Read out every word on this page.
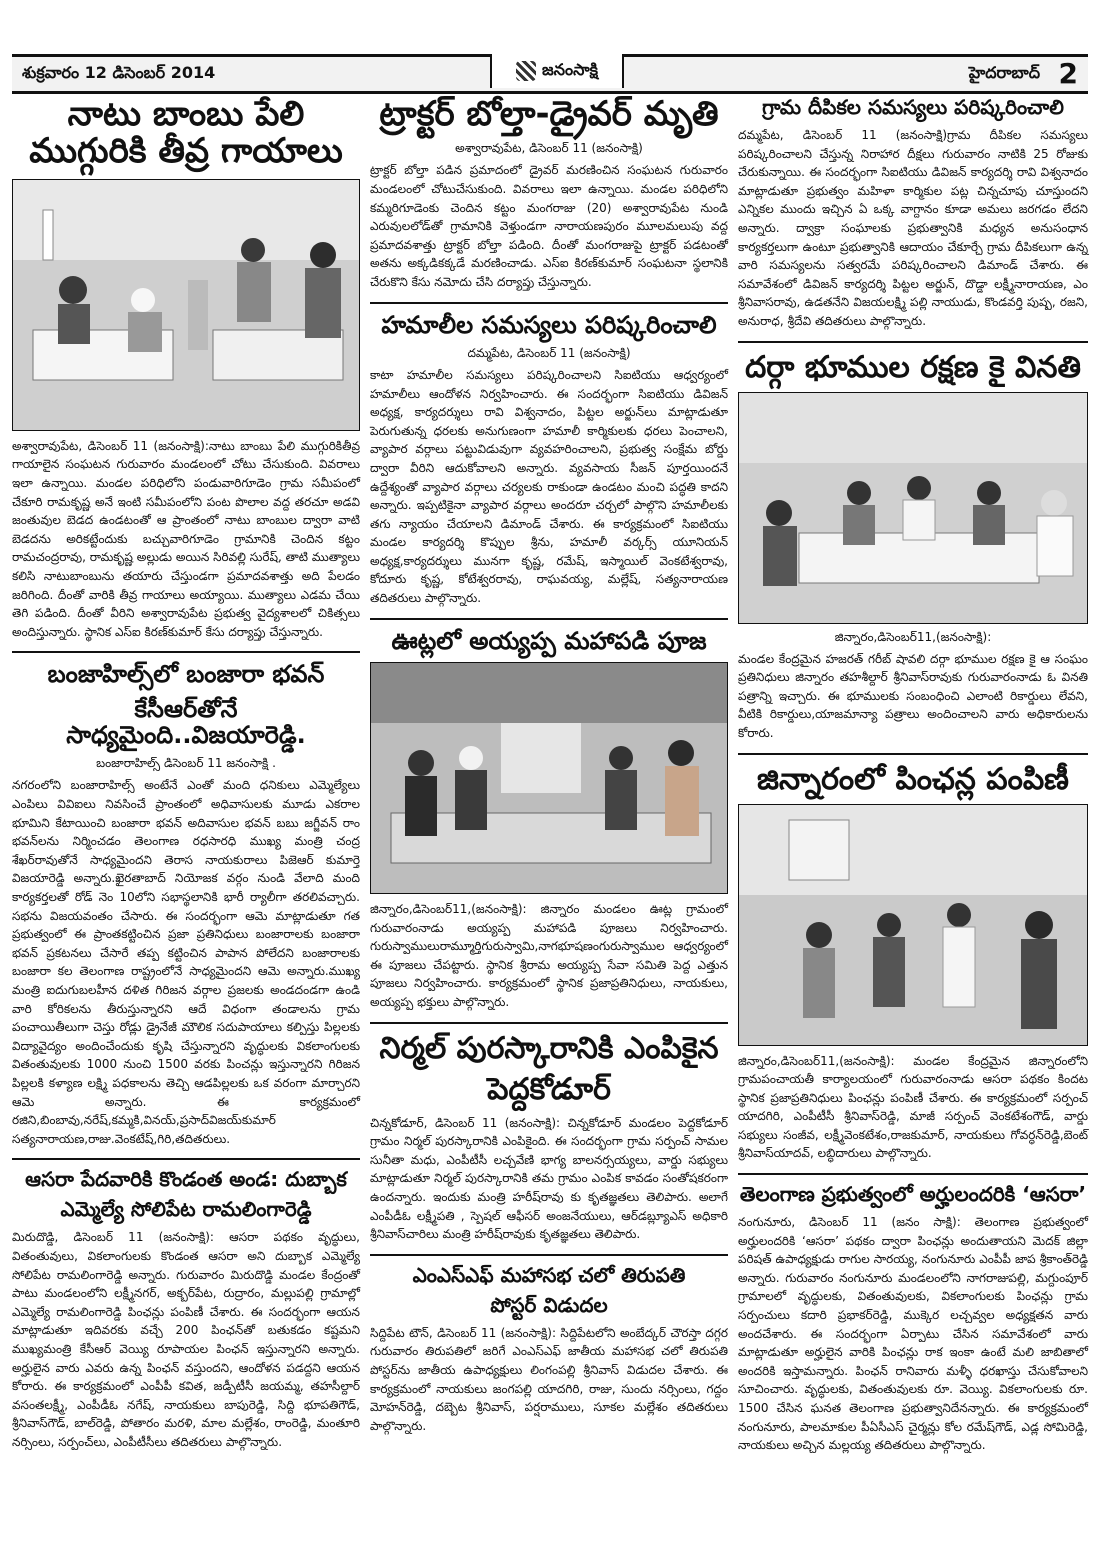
శుక్రవారం 12 డిసెంబర్ 2014	హైదరాబాద్ 2
జనంసాక్షి
నాటు బాంబు పేలి ముగ్గురికి తీవ్ర గాయాలు
అశ్వారావుపేట, డిసెంబర్ 11 (జనంసాక్షి):నాటు బాంబు పేలి ముగ్గురికితీవ్ర గాయాలైన సంఘటన గురువారం మండలంలో చోటు చేసుకుంది. వివరాలు ఇలా ఉన్నాయి. మండల పరిధిలోని పండువారిగూడెం గ్రామ సమీపంలో చేకూరి రామకృష్ణ అనే ఇంటి సమీపంలోని పంట పొలాల వద్ద తరచూ అడవి జంతువుల బెడద ఉండటంతో ఆ ప్రాంతంలో నాటు బాంబుల ద్వారా వాటి బెడదను అరికట్టేందుకు బచ్చువారిగూడెం గ్రామానికి చెందిన కట్టం రామచంద్రరావు, రామకృష్ణ అల్లుడు అయిన సిరివల్లి సురేష్, తాటి ముత్యాలు కలిసి నాటుబాంబును తయారు చేస్తుండగా ప్రమాదవశాత్తు అది పేలడం జరిగింది. దీంతో వారికి తీవ్ర గాయాలు అయ్యాయి. ముత్యాలు ఎడమ చేయి తెగి పడింది. దీంతో వీరిని అశ్వారావుపేట ప్రభుత్వ వైద్యశాలలో చికిత్సలు అందిస్తున్నారు. స్థానిక ఎస్ఐ కిరణ్‌కుమార్ కేసు దర్యాప్తు చేస్తున్నారు.
బంజాహిల్స్‌లో బంజారా భవన్
కేసీఆర్‌తోనే సాధ్యమైంది..విజయారెడ్డి.
బంజారాహిల్స్ డిసెంబర్ 11 జనంసాక్షి .
నగరంలోని బంజారాహిల్స్ అంటేనే ఎంతో మంది ధనికులు ఎమ్మెల్యేలు ఎంపిలు వివిఐలు నివసించే ప్రాంతంలో అధివాసులకు మూడు ఎకరాల భూమిని కేటాయించి బంజారా భవన్ అదివాసుల భవన్ బబు జగ్జీవన్ రాం భవన్‌లను నిర్మించడం తెలంగాణ రధసారధి ముఖ్య మంత్రి చంద్ర శేఖర్‌రావుతోనే సాధ్యమైందని తెరాస నాయకురాలు పిజెఆర్ కుమార్తె విజయారెడ్డి అన్నారు.ఖైరతాబాద్ నియోజక వర్గం నుండి వేలాది మంది కార్యకర్తలతో రోడ్ నెం 10లోని సభాస్థలానికి భారీ ర్యాలీగా తరలివచ్చారు. సభను విజయవంతం చేసారు. ఈ సందర్భంగా ఆమె మాట్లాడుతూ గత ప్రభుత్వంలో ఈ ప్రాంతకట్టించిన ప్రజా ప్రతినిధులు బంజారాలకు బంజారా భవన్ ప్రకటనలు చేసారే తప్ప కట్టించిన పాపాన పోలేదని బంజారాలకు బంజారా కల తెలంగాణ రాష్ట్రంలోనే సాధ్యమైందని ఆమె అన్నారు.ముఖ్య మంత్రి ఐదుగుబలహీన దళిత గిరిజన వర్గాల ప్రజలకు అండదండగా ఉండి వారి కోరికలను తీరుస్తున్నారని ఆదే విధంగా తండాలను గ్రామ పంచాయితీలుగా చెస్తు రోడ్లు డ్రైనేజీ మౌలిక సదుపాయాలు కల్పిస్తు పిల్లలకు విద్యావైద్యం అందించేందుకు కృషి చేస్తున్నారని వృద్ధులకు వికలాంగులకు వితంతువులకు 1000 నుంచి 1500 వరకు పించన్లు ఇస్తున్నారని గిరిజన పిల్లలకి కళ్యాణ లక్ష్మి పధకాలను తెచ్చి ఆడపిల్లలకు ఒక వరంగా మార్చారని ఆమె అన్నారు. ఈ కార్యక్రమంలో రజిని,బింబావు,నరేష్,కమ్మకి,వినయ్,ప్రసాద్‌విజయ్‌కుమార్ సత్యనారాయణ,రాజు.వెంకటేష్,గిరి,తదితరులు.
ఆసరా పేదవారికి కొండంత అండ: దుబ్బాక
ఎమ్మెల్యే సోలిపేట రామలింగారెడ్డి
మిరుదొడ్డి, డిసెంబర్ 11 (జనంసాక్షి): ఆసరా పథకం వృద్ధులు, వితంతువులు, వికలాంగులకు కొండంత ఆసరా అని దుబ్బాక ఎమ్మెల్యే సోలిపేట రామలింగారెడ్డి అన్నారు. గురువారం మిరుదొడ్డి మండల కేంద్రంతో పాటు మండలంలోని లక్ష్మీనగర్, అక్బర్‌పేట, రుద్రారం, మల్లుపల్లి గ్రామాల్లో ఎమ్మెల్యే రామలింగారెడ్డి పింఛన్లు పంపిణీ చేశారు. ఈ సందర్భంగా ఆయన మాట్లాడుతూ ఇదివరకు వచ్చే 200 పింఛన్‌తో బతుకడం కష్టమని ముఖ్యమంత్రి కేసీఆర్ వెయ్యి రూపాయల పింఛన్ ఇస్తున్నారని అన్నారు. అర్హులైన వారు ఎవరు ఉన్న పింఛన్ వస్తుందని, ఆందోళన పడద్దని ఆయన కోరారు. ఈ కార్యక్రమంలో ఎంపీపీ కవిత, జడ్పీటీసీ జయమ్మ, తహసీల్దార్ వసంతలక్ష్మీ, ఎంపీడీఓ నగేష్, నాయకులు బాపురెడ్డి, సిద్ది భూపతిగౌడ్, శ్రీనివాస్‌గౌడ్, బాల్‌రెడ్డి, పోతారం మరళి, మాల మల్లేశం, రాంరెడ్డి, మంతూరి నర్సింలు, సర్పంచ్‌లు, ఎంపీటీసీలు తదితరులు పాల్గొన్నారు.
ట్రాక్టర్ బోల్తా-డ్రైవర్ మృతి
అశ్వారావుపేట, డిసెంబర్ 11 (జనంసాక్షి)
ట్రాక్టర్ బోల్తా పడిన ప్రమాదంలో డ్రైవర్ మరణించిన సంఘటన గురువారం మండలంలో చోటుచేసుకుంది. వివరాలు ఇలా ఉన్నాయి. మండల పరిధిలోని కమ్మరిగూడెంకు చెందిన కట్టం మంగరాజు (20) అశ్వారావుపేట నుండి ఎరువులలోడ్‌తో గ్రామానికి వెళ్తుండగా నారాయణపురం మూలమలుపు వద్ద ప్రమాదవశాత్తు ట్రాక్టర్ బోల్తా పడింది. దీంతో మంగరాజుపై ట్రాక్టర్ పడటంతో అతను అక్కడికక్కడే మరణించాడు. ఎస్ఐ కిరణ్‌కుమార్ సంఘటనా స్థలానికి చేరుకొని కేసు నమోదు చేసి దర్యాప్తు చేస్తున్నారు.
హమాలీల సమస్యలు పరిష్కరించాలి
దమ్మపేట, డిసెంబర్ 11 (జనంసాక్షి)
కాటా హమాలీల సమస్యలు పరిష్కరించాలని సిఐటియు ఆధ్వర్యంలో హమాలీలు ఆందోళన నిర్వహించారు. ఈ సందర్భంగా సిఐటియు డివిజన్ అధ్యక్ష, కార్యదర్శులు రావి విశ్వనాదం, పిట్టల అర్జున్‌లు మాట్లాడుతూ పెరుగుతున్న ధరలకు అనుగుణంగా హమాలీ కార్మికులకు ధరలు పెంచాలని, వ్యాపార వర్గాలు పట్టువిడువుగా వ్యవహరించాలని, ప్రభుత్వ సంక్షేమ బోర్డు ద్వారా వీరిని ఆదుకోవాలని అన్నారు. వ్యవసాయ సీజన్ పూర్తయిందనే ఉద్దేశ్యంతో వ్యాపార వర్గాలు చర్యలకు రాకుండా ఉండటం మంచి పద్ధతి కాదని అన్నారు. ఇప్పటికైనా వ్యాపార వర్గాలు అందరూ చర్చలో పాల్గొని హమాలీలకు తగు న్యాయం చేయాలని డిమాండ్ చేశారు. ఈ కార్యక్రమంలో సిఐటియు మండల కార్యదర్శి కొప్పుల శ్రీను, హమాలీ వర్కర్స్ యూనియన్ అధ్యక్ష,కార్యదర్శులు మునగా కృష్ణ, రమేష్, ఇస్మాయిల్ వెంకటేశ్వరావు, కోదూరు కృష్ణ, కోటేశ్వరరావు, రాఘవయ్య, మల్లేష్, సత్యనారాయణ తదితరులు పాల్గొన్నారు.
ఊట్లలో అయ్యప్ప మహాపడి పూజ
జిన్నారం,డిసెంబర్11,(జనంసాక్షి): జిన్నారం మండలం ఊట్ల గ్రామంలో గురువారంనాడు అయ్యప్ప మహాపడి పూజలు నిర్వహించారు. గురుస్వాములురామ్మూర్తిగురుస్వామి,నాగభూషణంగురుస్వాముల ఆధ్వర్యంలో ఈ పూజలు చేపట్టారు. స్థానిక శ్రీరామ అయ్యప్ప సేవా సమితి పెద్ద ఎత్తున పూజలు నిర్వహించారు. కార్యక్రమంలో స్థానిక ప్రజాప్రతినిధులు, నాయకులు, అయ్యప్ప భక్తులు పాల్గొన్నారు.
నిర్మల్ పురస్కారానికి ఎంపికైన
పెద్దకోడూర్
చిన్నకోడూర్, డిసెంబర్ 11 (జనంసాక్షి): చిన్నకోడూర్ మండలం పెద్దకోడూర్ గ్రామం నిర్మల్ పురస్కారానికి ఎంపికైంది. ఈ సందర్భంగా గ్రామ సర్పంచ్ సామల సునీతా మధు, ఎంపీటీసీ లచ్చవేణి భాగ్య బాలనర్సయ్యలు, వార్డు సభ్యులు మాట్లాడుతూ నిర్మల్ పురస్కారానికి తమ గ్రామం ఎంపిక కావడం సంతోషకరంగా ఉందన్నారు. ఇందుకు మంత్రి హరీష్‌రావు కు కృతజ్ఞతలు తెలిపారు. అలాగే ఎంపీడీఓ లక్ష్మీపతి , స్పెషల్ ఆఫీసర్ అంజనేయులు, ఆర్‌డబ్ల్యూఎస్ అధికారి శ్రీనివాస్‌చారిలు మంత్రి హరీష్‌రావుకు కృతజ్ఞతలు తెలిపారు.
ఎంఎస్ఎఫ్ మహాసభ చలో తిరుపతి
పోస్టర్ విడుదల
సిద్దిపేట టౌన్, డిసెంబర్ 11 (జనంసాక్షి): సిద్దిపేటలోని అంబేద్కర్ చౌరస్తా దగ్గర గురువారం తిరుపతిలో జరిగే ఎంఎస్ఎఫ్ జాతీయ మహాసభ చలో తిరుపతి పోస్టర్‌ను జాతీయ ఉపాధ్యక్షులు లింగంపల్లి శ్రీనివాస్ విడుదల చేశారు. ఈ కార్యక్రమంలో నాయకులు జంగపల్లి యాదగిరి, రాజు, సుందు నర్సింలు, గద్దం మోహన్‌రెడ్డి, దబ్బెట శ్రీనివాస్, పర్షరాములు, సూకల మల్లేశం తదితరులు పాల్గొన్నారు.
గ్రామ దీపికల సమస్యలు పరిష్కరించాలి
దమ్మపేట, డిసెంబర్ 11 (జనంసాక్షి)గ్రామ దీపికల సమస్యలు పరిష్కరించాలని చేస్తున్న నిరాహార దీక్షలు గురువారం నాటికి 25 రోజుకు చేరుకున్నాయి. ఈ సందర్భంగా సిఐటియు డివిజన్ కార్యదర్శి రావి విశ్వనాదం మాట్లాడుతూ ప్రభుత్వం మహిళా కార్మికుల పట్ల చిన్నచూపు చూస్తుందని ఎన్నికల ముందు ఇచ్చిన ఏ ఒక్క వాగ్దానం కూడా అమలు జరగడం లేదని అన్నారు. ద్వాక్రా సంఘాలకు ప్రభుత్వానికి మధ్యన అనుసంధాన కార్యకర్తలుగా ఉంటూ ప్రభుత్వానికి ఆదాయం చేకూర్చే గ్రామ దీపికలుగా ఉన్న వారి సమస్యలను సత్వరమే పరిష్కరించాలని డిమాండ్ చేశారు. ఈ సమావేశంలో డివిజన్ కార్యదర్శి పిట్టల అర్జున్, దొడ్డా లక్ష్మీనారాయణ, ఎం శ్రీనివాసరావు, ఉడతనేని విజయలక్ష్మి పల్లి నాయుడు, కొండవర్తి పుష్ప, రజని, అనురాధ, శ్రీదేవి తదితరులు పాల్గొన్నారు.
దర్గా భూముల రక్షణ కై వినతి
జిన్నారం,డిసెంబర్11,(జనంసాక్షి):
మండల కేంద్రమైన హజరత్ గరీబ్ షావలి దర్గా భూముల రక్షణ కై ఆ సంఘం ప్రతినిధులు జిన్నారం తహశీల్దార్ శ్రీనివాస్‌రావుకు గురువారంనాడు ఓ వినతి పత్రాన్ని ఇచ్చారు. ఈ భూములకు సంబంధించి ఎలాంటి రికార్డులు లేవని, వీటికి రికార్డులు,యాజమాన్యా పత్రాలు అందించాలని వారు అధికారులను కోరారు.
జిన్నారంలో పింఛన్ల పంపిణీ
జిన్నారం,డిసెంబర్11,(జనంసాక్షి): మండల కేంద్రమైన జిన్నారంలోని గ్రామపంచాయతీ కార్యాలయంలో గురువారంనాడు ఆసరా పథకం కిందట స్థానిక ప్రజాప్రతినిధులు పింఛన్లు పంపిణీ చేశారు. ఈ కార్యక్రమంలో సర్పంచ్ యాదగిరి, ఎంపీటీసీ శ్రీనివాస్‌రెడ్డి, మాజీ సర్పంచ్ వెంకటేశంగౌడ్, వార్డు సభ్యులు సంజీవ, లక్ష్మీవెంకటేశం,రాజకుమార్, నాయకులు గోవర్ధన్‌రెడ్డి,బెంట్ శ్రీనివాస్‌యాదవ్, లబ్ధిదారులు పాల్గొన్నారు.
తెలంగాణ ప్రభుత్వంలో అర్హులందరికి ‘ఆసరా’
నంగునూరు, డిసెంబర్ 11 (జనం సాక్షి): తెలంగాణ ప్రభుత్వంలో అర్హులందరికి ‘ఆసరా’ పథకం ద్వారా పింఛన్లు అందుతాయని మెదక్ జిల్లా పరిషత్ ఉపాధ్యక్షుడు రాగుల సారయ్య, నంగునూరు ఎంపీపీ జాప శ్రీకాంత్‌రెడ్డి అన్నారు. గురువారం నంగునూరు మండలంలోని నాగరాజుపల్లి, మగ్దుంపూర్ గ్రామాలలో వృద్ధులకు, వితంతువులకు, వికలాంగులకు పింఛన్లు గ్రామ సర్పంచులు కదారి ప్రభాకర్‌రెడ్డి, ముక్కెర లచ్చవ్వల అధ్యక్షతన వారు అందచేశారు. ఈ సందర్భంగా ఏర్పాటు చేసిన సమావేశంలో వారు మాట్లాడుతూ అర్హులైన వారికి పింఛన్లు రాక ఇంకా ఉంటే మలి జాబితాలో అందరికి ఇస్తామన్నారు. పింఛన్ రానివారు మళ్ళీ ధరఖాస్తు చేసుకోవాలని సూచించారు. వృద్ధులకు, వితంతువులకు రూ. వెయ్యి. వికలాంగులకు రూ. 1500 చేసిన ఘనత తెలంగాణ ప్రభుత్వానిదేనన్నారు. ఈ కార్యక్రమంలో నంగునూరు, పాలమాకుల పీఏసీఎస్ చైర్మన్లు కోల రమేష్‌గౌడ్, ఎడ్ల సోమిరెడ్డి, నాయకులు అచ్చిన మల్లయ్య తదితరులు పాల్గొన్నారు.
